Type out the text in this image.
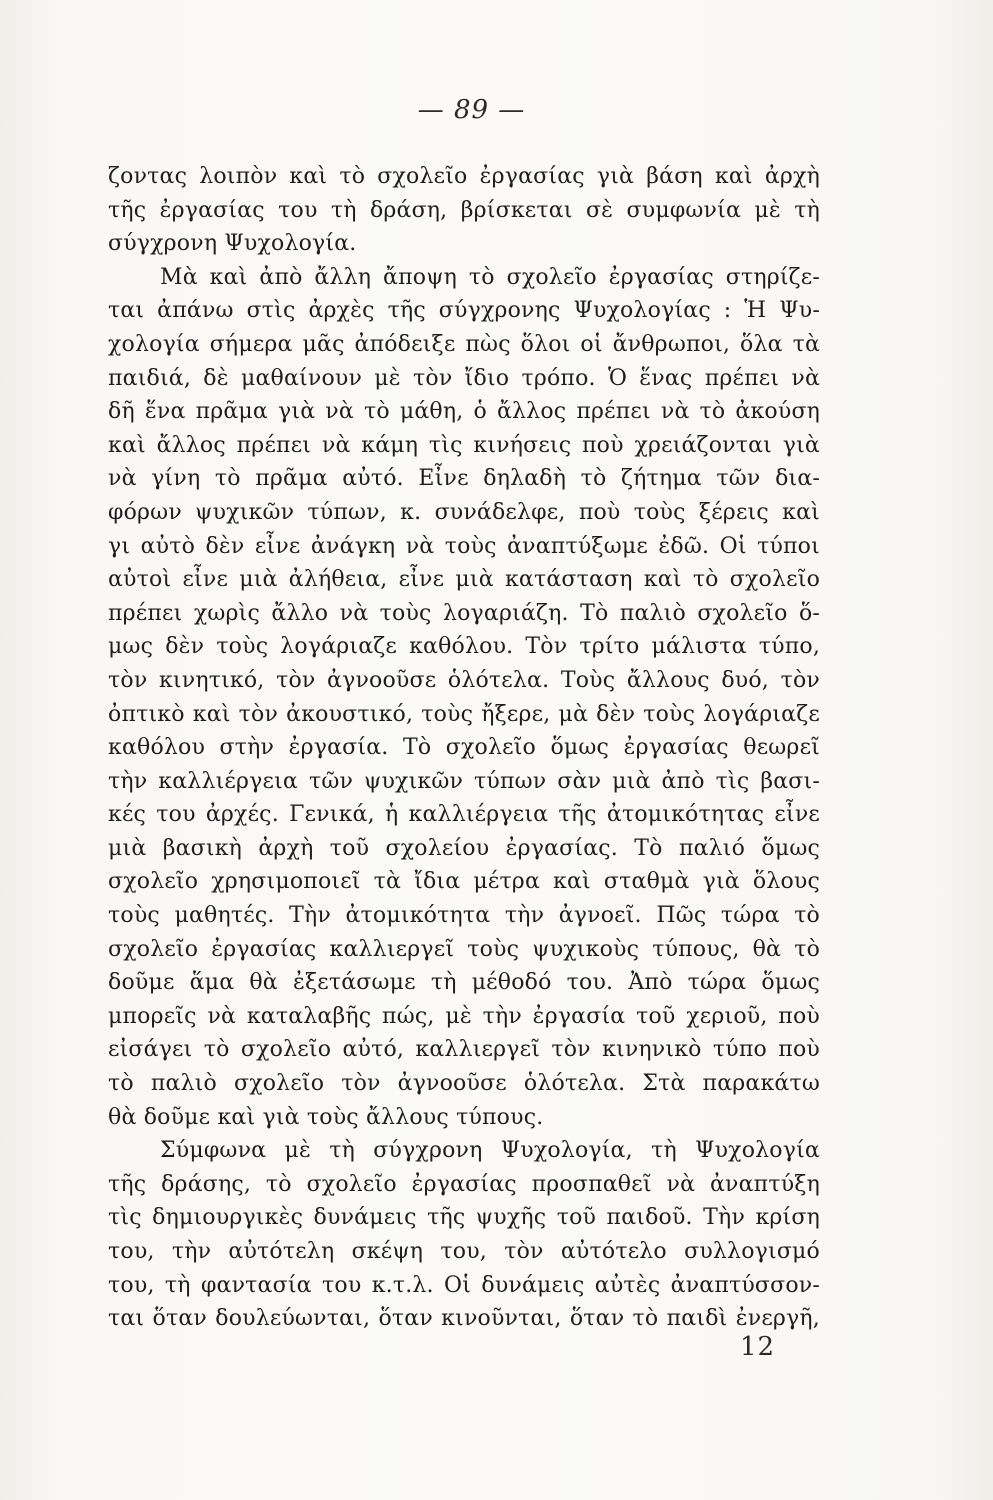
— 89 —
ζοντας λοιπὸν καὶ τὸ σχολεῖο ἐργασίας γιὰ βάση καὶ ἀρχὴ
τῆς ἐργασίας του τὴ δράση, βρίσκεται σὲ συμφωνία μὲ τὴ
σύγχρονη Ψυχολογία.
Μὰ καὶ ἀπὸ ἄλλη ἄποψη τὸ σχολεῖο ἐργασίας στηρίζε-
ται ἀπάνω στὶς ἀρχὲς τῆς σύγχρονης Ψυχολογίας : Ἡ Ψυ-
χολογία σήμερα μᾶς ἀπόδειξε πὼς ὅλοι οἱ ἄνθρωποι, ὅλα τὰ
παιδιά, δὲ μαθαίνουν μὲ τὸν ἴδιο τρόπο. Ὁ ἕνας πρέπει νὰ
δῆ ἕνα πρᾶμα γιὰ νὰ τὸ μάθη, ὁ ἄλλος πρέπει νὰ τὸ ἀκούση
καὶ ἄλλος πρέπει νὰ κάμη τὶς κινήσεις ποὺ χρειάζονται γιὰ
νὰ γίνη τὸ πρᾶμα αὐτό. Εἶνε δηλαδὴ τὸ ζήτημα τῶν δια-
φόρων ψυχικῶν τύπων, κ. συνάδελφε, ποὺ τοὺς ξέρεις καὶ
γι αὐτὸ δὲν εἶνε ἀνάγκη νὰ τοὺς ἀναπτύξωμε ἐδῶ. Οἱ τύποι
αὐτοὶ εἶνε μιὰ ἀλήθεια, εἶνε μιὰ κατάσταση καὶ τὸ σχολεῖο
πρέπει χωρὶς ἄλλο νὰ τοὺς λογαριάζη. Τὸ παλιὸ σχολεῖο ὅ-
μως δὲν τοὺς λογάριαζε καθόλου. Τὸν τρίτο μάλιστα τύπο,
τὸν κινητικό, τὸν ἀγνοοῦσε ὁλότελα. Τοὺς ἄλλους δυό, τὸν
ὀπτικὸ καὶ τὸν ἀκουστικό, τοὺς ἤξερε, μὰ δὲν τοὺς λογάριαζε
καθόλου στὴν ἐργασία. Τὸ σχολεῖο ὅμως ἐργασίας θεωρεῖ
τὴν καλλιέργεια τῶν ψυχικῶν τύπων σὰν μιὰ ἀπὸ τὶς βασι-
κές του ἀρχές. Γενικά, ἡ καλλιέργεια τῆς ἀτομικότητας εἶνε
μιὰ βασικὴ ἀρχὴ τοῦ σχολείου ἐργασίας. Τὸ παλιό ὅμως
σχολεῖο χρησιμοποιεῖ τὰ ἴδια μέτρα καὶ σταθμὰ γιὰ ὅλους
τοὺς μαθητές. Τὴν ἀτομικότητα τὴν ἀγνοεῖ. Πῶς τώρα τὸ
σχολεῖο ἐργασίας καλλιεργεῖ τοὺς ψυχικοὺς τύπους, θὰ τὸ
δοῦμε ἅμα θὰ ἐξετάσωμε τὴ μέθοδό του. Ἀπὸ τώρα ὅμως
μπορεῖς νὰ καταλαβῆς πώς, μὲ τὴν ἐργασία τοῦ χεριοῦ, ποὺ
εἰσάγει τὸ σχολεῖο αὐτό, καλλιεργεῖ τὸν κινηνικὸ τύπο ποὺ
τὸ παλιὸ σχολεῖο τὸν ἀγνοοῦσε ὁλότελα. Στὰ παρακάτω
θὰ δοῦμε καὶ γιὰ τοὺς ἄλλους τύπους.
Σύμφωνα μὲ τὴ σύγχρονη Ψυχολογία, τὴ Ψυχολογία
τῆς δράσης, τὸ σχολεῖο ἐργασίας προσπαθεῖ νὰ ἀναπτύξη
τὶς δημιουργικὲς δυνάμεις τῆς ψυχῆς τοῦ παιδοῦ. Τὴν κρίση
του, τὴν αὐτότελη σκέψη του, τὸν αὐτότελο συλλογισμό
του, τὴ φαντασία του κ.τ.λ. Οἱ δυνάμεις αὐτὲς ἀναπτύσσον-
ται ὅταν δουλεύωνται, ὅταν κινοῦνται, ὅταν τὸ παιδὶ ἐνεργῆ,
12
